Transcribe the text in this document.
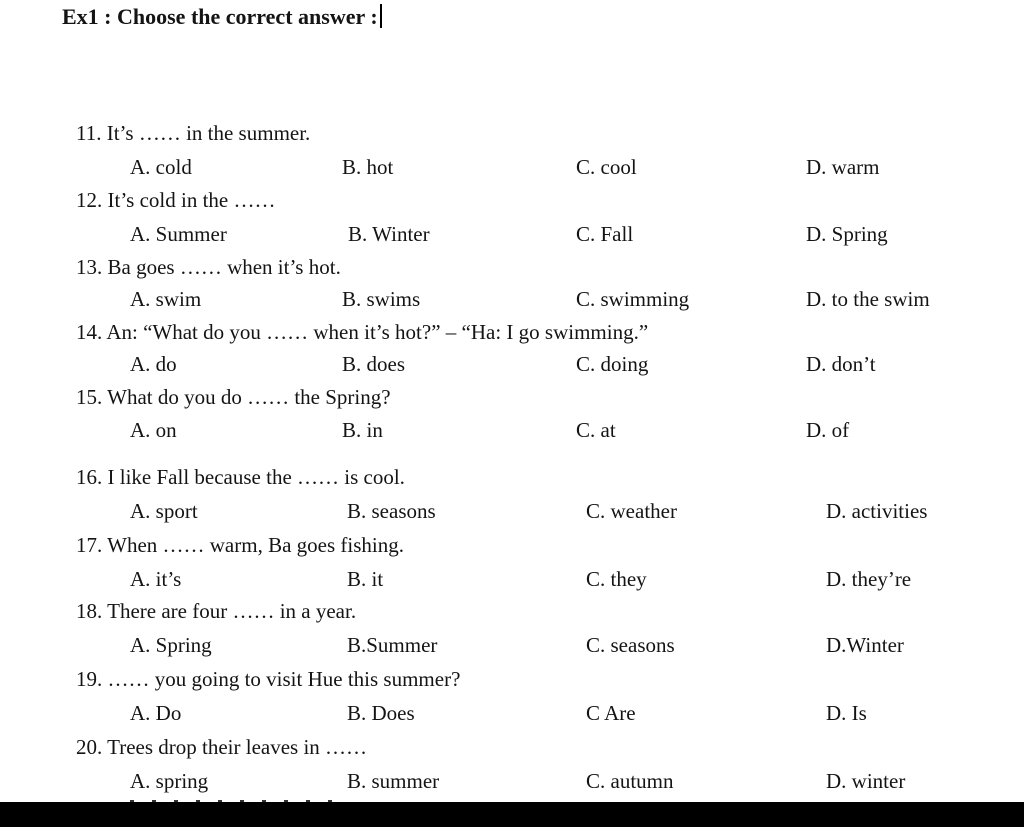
Ex1 : Choose the correct answer :
11. It’s …… in the summer.
A. cold	B. hot	C. cool	D. warm
12. It’s cold in the ……
A. Summer	B. Winter	C. Fall	D. Spring
13. Ba goes …… when it’s hot.
A. swim	B. swims	C. swimming	D. to the swim
14. An: “What do you …… when it’s hot?” – “Ha: I go swimming.”
A. do	B. does	C. doing	D. don’t
15. What do you do …… the Spring?
A. on	B. in	C. at	D. of
16. I like Fall because the …… is cool.
A. sport	B. seasons	C. weather	D. activities
17. When …… warm, Ba goes fishing.
A. it’s	B. it	C. they	D. they’re
18. There are four …… in a year.
A. Spring	B.Summer	C. seasons	D.Winter
19. …… you going to visit Hue this summer?
A. Do	B. Does	C Are	D. Is
20. Trees drop their leaves in ……
A. spring	B. summer	C. autumn	D. winter
